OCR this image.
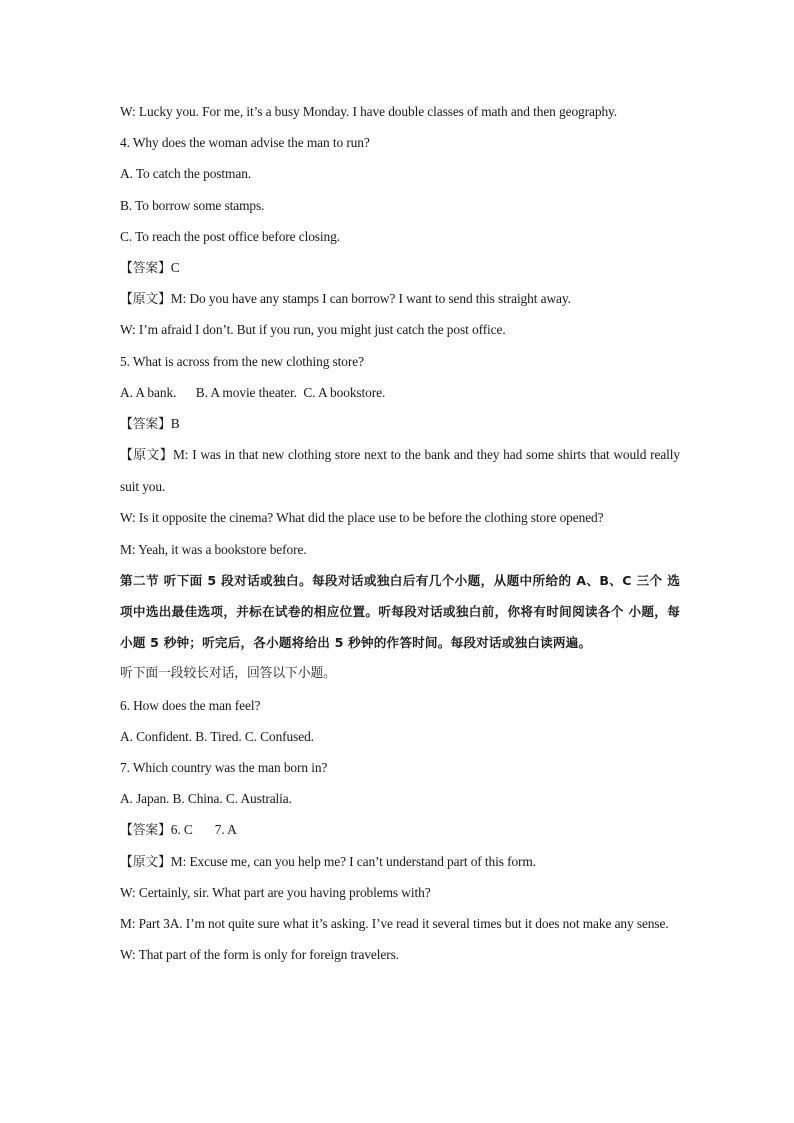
W: Lucky you. For me, it’s a busy Monday. I have double classes of math and then geography.
4. Why does the woman advise the man to run?
A. To catch the postman.
B. To borrow some stamps.
C. To reach the post office before closing.
【答案】C
【原文】M: Do you have any stamps I can borrow? I want to send this straight away.
W: I’m afraid I don’t. But if you run, you might just catch the post office.
5. What is across from the new clothing store?
A. A bank.      B. A movie theater.  C. A bookstore.
【答案】B
【原文】M: I was in that new clothing store next to the bank and they had some shirts that would really suit you.
W: Is it opposite the cinema? What did the place use to be before the clothing store opened?
M: Yeah, it was a bookstore before.
第二节 听下面 5 段对话或独白。每段对话或独白后有几个小题，从题中所给的 A、B、C 三个 选项中选出最佳选项，并标在试卷的相应位置。听每段对话或独白前，你将有时间阅读各个 小题，每小题 5 秒钟；听完后，各小题将给出 5 秒钟的作答时间。每段对话或独白读两遍。
听下面一段较长对话，回答以下小题。
6. How does the man feel?
A. Confident. B. Tired. C. Confused.
7. Which country was the man born in?
A. Japan. B. China. C. Australia.
【答案】6. C 7. A
【原文】M: Excuse me, can you help me? I can’t understand part of this form.
W: Certainly, sir. What part are you having problems with?
M: Part 3A. I’m not quite sure what it’s asking. I’ve read it several times but it does not make any sense.
W: That part of the form is only for foreign travelers.
